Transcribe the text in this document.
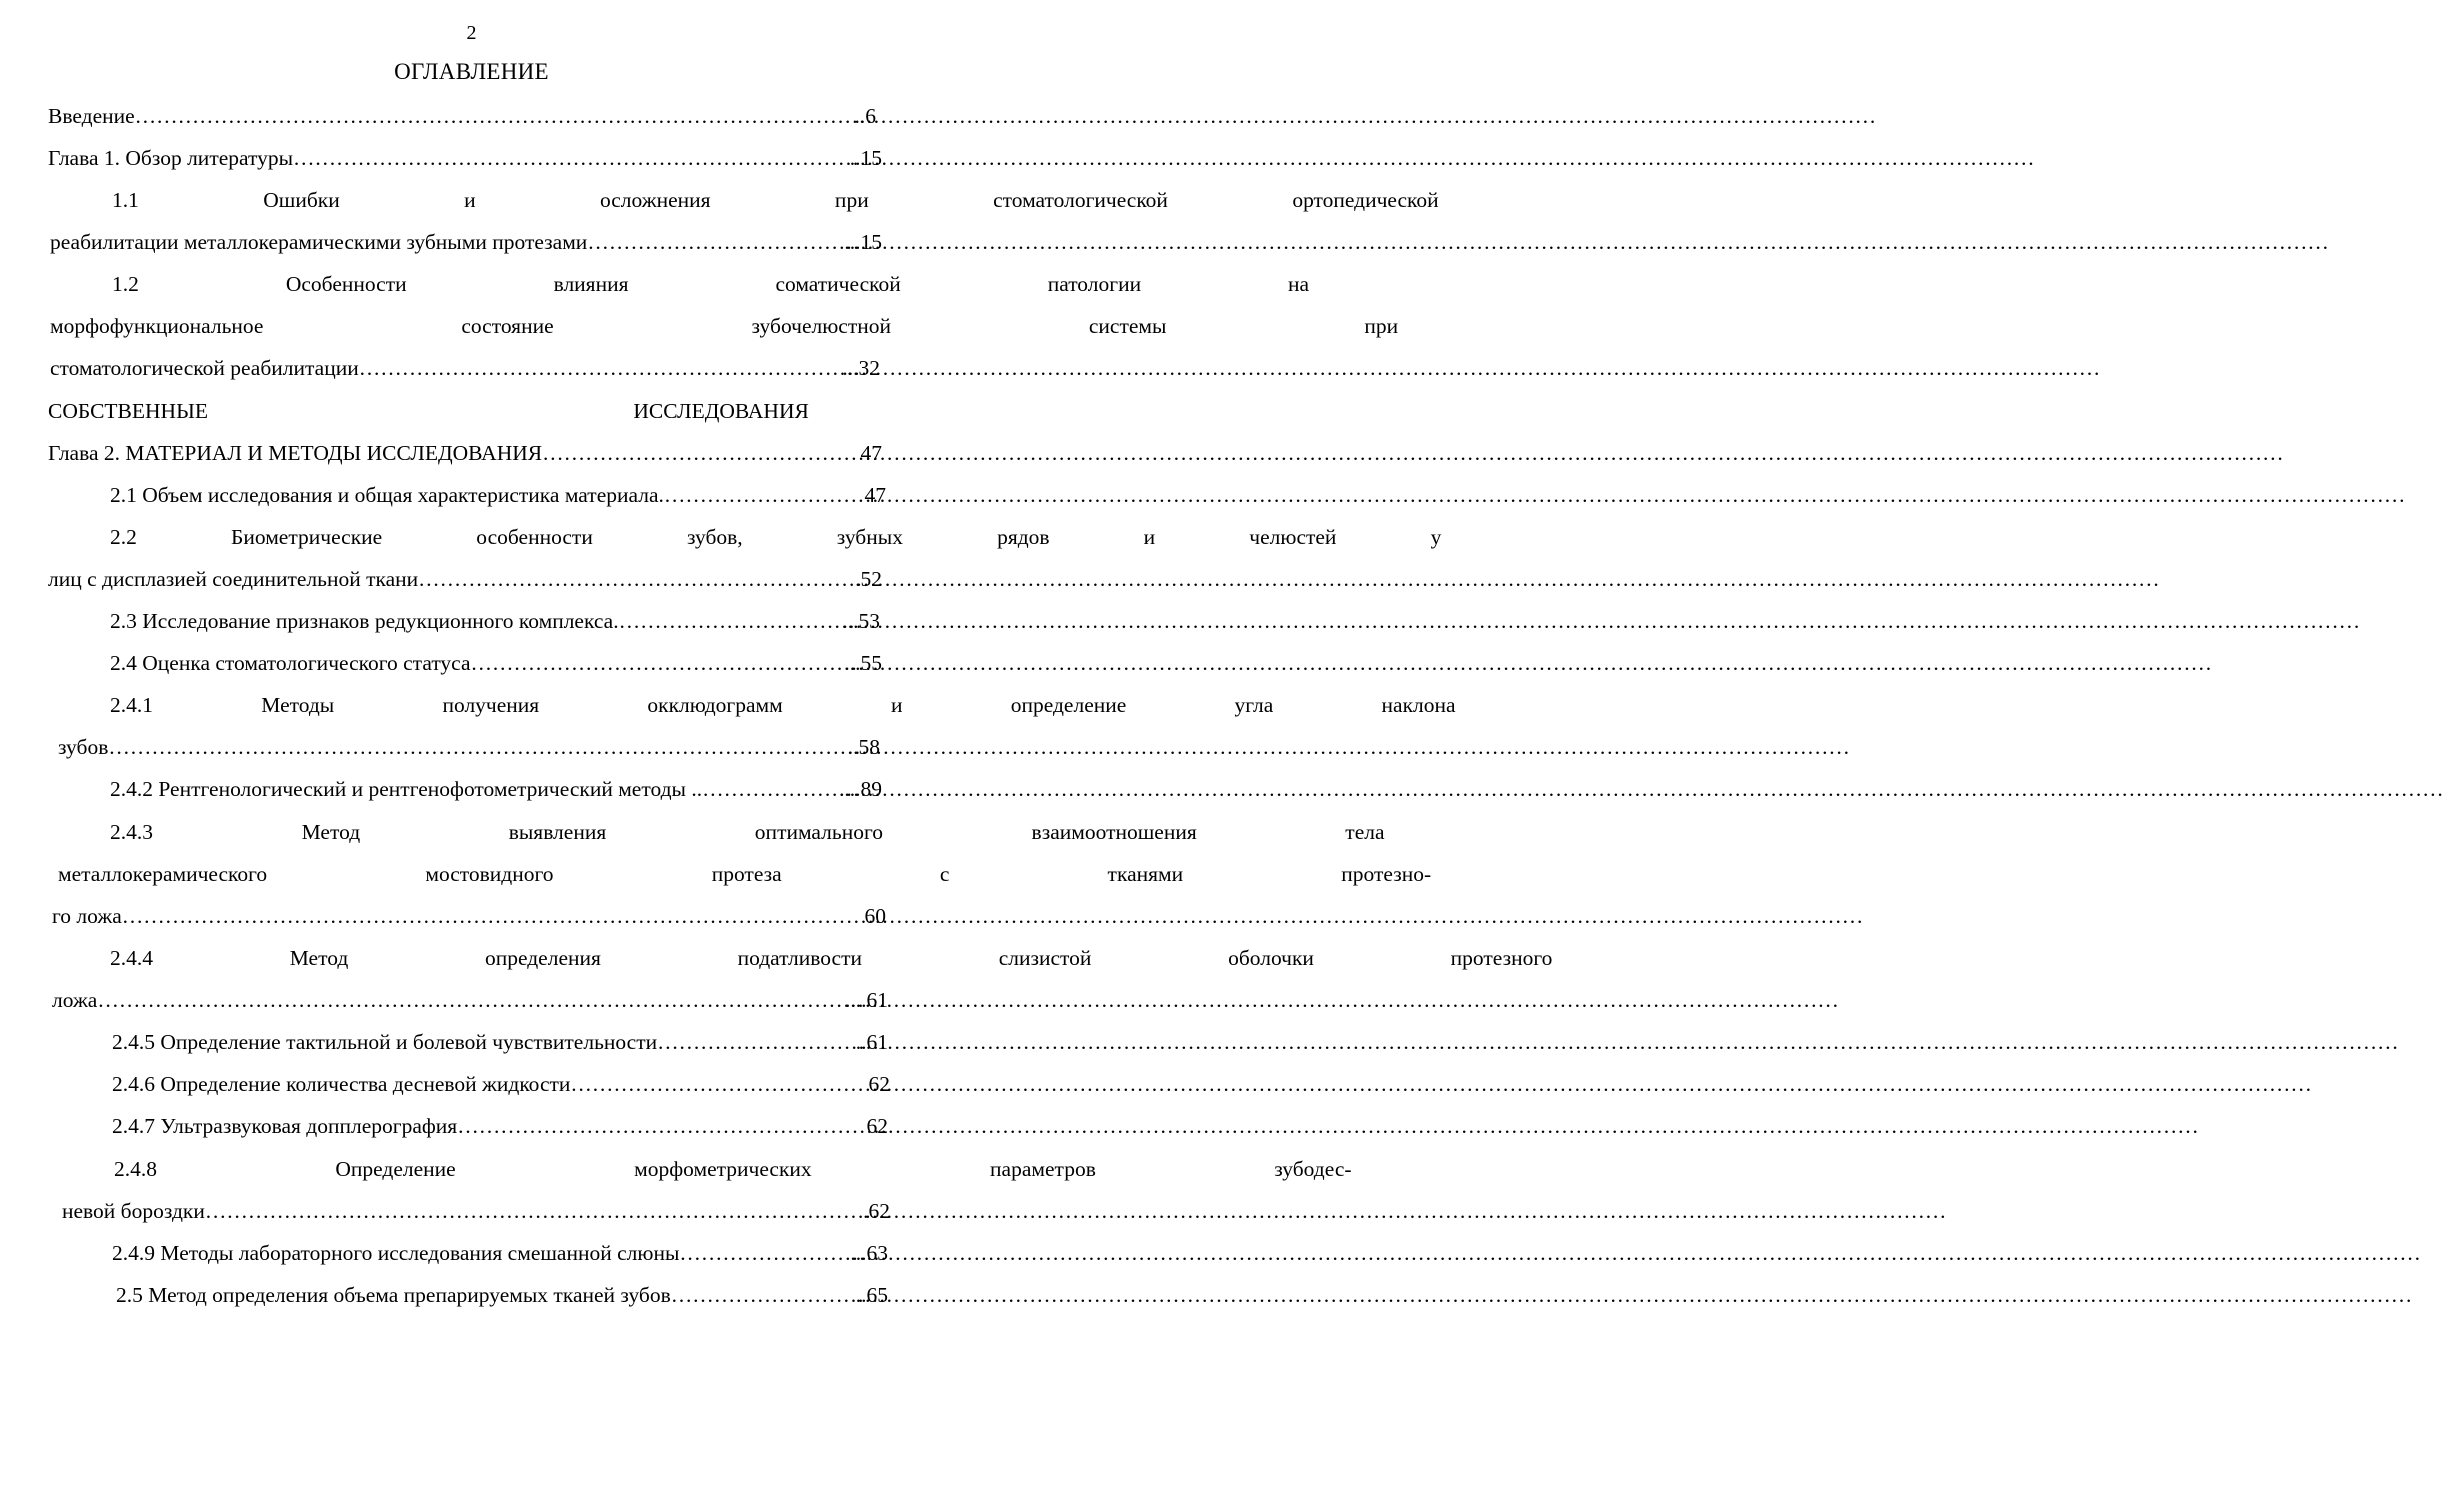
2
ОГЛАВЛЕНИЕ
Введение ………………………………………………………………………………………………………………………………………………………………………………………………………………………	..6
Глава 1. Обзор литературы ………………………………………………………………………………………………………………………………………………………………………………………………………………………	..15
1.1 Ошибки и осложнения при стоматологической ортопедической
реабилитации металлокерамическими зубными протезами ………………………………………………………………………………………………………………………………………………………………………………………………………………………	...15
1.2 Особенности влияния соматической патологии на
морфофункциональное состояние зубочелюстной системы при
стоматологической реабилитации ………………………………………………………………………………………………………………………………………………………………………………………………………………………	...32
СОБСТВЕННЫЕ ИССЛЕДОВАНИЯ
Глава 2. МАТЕРИАЛ И МЕТОДЫ ИССЛЕДОВАНИЯ ………………………………………………………………………………………………………………………………………………………………………………………………………………………	47
2.1 Объем исследования и общая характеристика материала. ………………………………………………………………………………………………………………………………………………………………………………………………………………………	47
2.2 Биометрические особенности зубов, зубных рядов и челюстей у
лиц с дисплазией соединительной ткани ………………………………………………………………………………………………………………………………………………………………………………………………………………………	.52
2.3 Исследование признаков редукционного комплекса. ………………………………………………………………………………………………………………………………………………………………………………………………………………………	...53
2.4 Оценка стоматологического статуса ………………………………………………………………………………………………………………………………………………………………………………………………………………………	...55
2.4.1 Методы получения окклюдограмм и определение угла наклона
зубов ………………………………………………………………………………………………………………………………………………………………………………………………………………………	..58
2.4.2 Рентгенологический и рентгенофотометрический методы .. ………………………………………………………………………………………………………………………………………………………………………………………………………………………	....89
2.4.3 Метод выявления оптимального взаимоотношения тела
металлокерамического мостовидного протеза с тканями протезно-
го ложа ………………………………………………………………………………………………………………………………………………………………………………………………………………………	60
2.4.4 Метод определения податливости слизистой оболочки протезного
ложа ………………………………………………………………………………………………………………………………………………………………………………………………………………………	....61
2.4.5 Определение тактильной и болевой чувствительности ………………………………………………………………………………………………………………………………………………………………………………………………………………………	..61
2.4.6 Определение количества десневой жидкости ………………………………………………………………………………………………………………………………………………………………………………………………………………………	62
2.4.7 Ультразвуковая допплерография ………………………………………………………………………………………………………………………………………………………………………………………………………………………	62
2.4.8 Определение морфометрических параметров зубодес-
невой бороздки ………………………………………………………………………………………………………………………………………………………………………………………………………………………	.62
2.4.9 Методы лабораторного исследования смешанной слюны ………………………………………………………………………………………………………………………………………………………………………………………………………………………	...63
2.5 Метод определения объема препарируемых тканей зубов ………………………………………………………………………………………………………………………………………………………………………………………………………………………	..65
